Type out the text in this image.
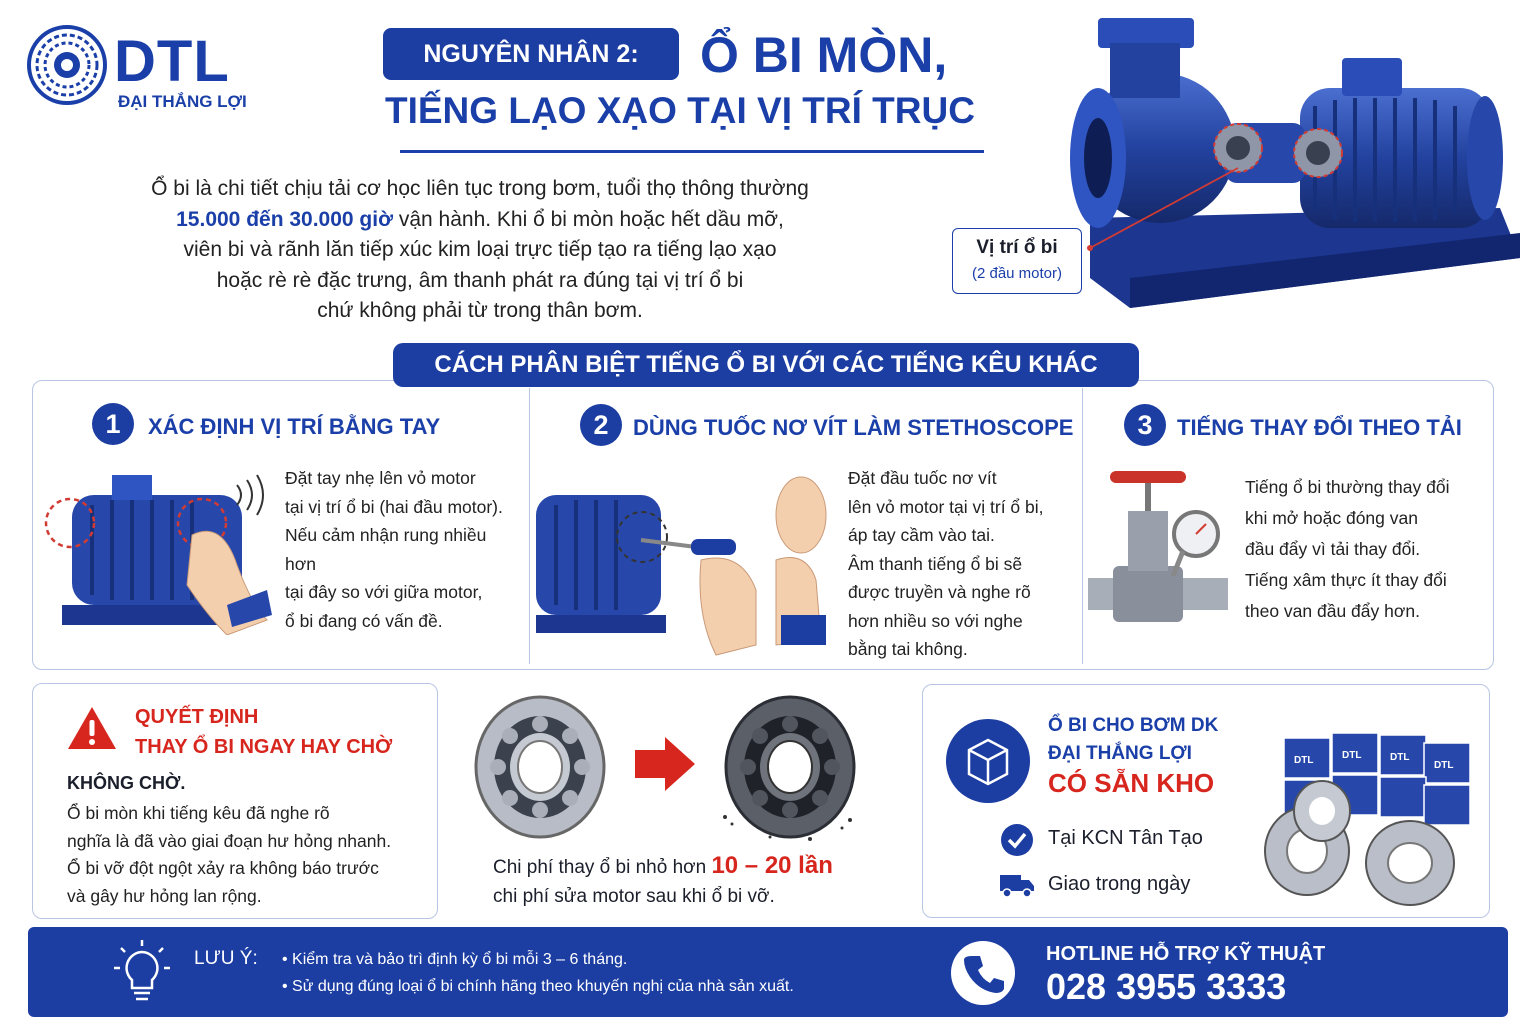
DTL
ĐẠI THẮNG LỢI
NGUYÊN NHÂN 2:	Ổ BI MÒN,
TIẾNG LẠO XẠO TẠI VỊ TRÍ TRỤC
Ổ bi là chi tiết chịu tải cơ học liên tục trong bơm, tuổi thọ thông thường
15.000 đến 30.000 giờ vận hành. Khi ổ bi mòn hoặc hết dầu mỡ,
viên bi và rãnh lăn tiếp xúc kim loại trực tiếp tạo ra tiếng lạo xạo
hoặc rè rè đặc trưng, âm thanh phát ra đúng tại vị trí ổ bi
chứ không phải từ trong thân bơm.
Vị trí ổ bi
(2 đầu motor)
CÁCH PHÂN BIỆT TIẾNG Ổ BI VỚI CÁC TIẾNG KÊU KHÁC
1	XÁC ĐỊNH VỊ TRÍ BẰNG TAY
Đặt tay nhẹ lên vỏ motor
tại vị trí ổ bi (hai đầu motor).
Nếu cảm nhận rung nhiều hơn
tại đây so với giữa motor,
ổ bi đang có vấn đề.
2	DÙNG TUỐC NƠ VÍT LÀM STETHOSCOPE
Đặt đầu tuốc nơ vít
lên vỏ motor tại vị trí ổ bi,
áp tay cầm vào tai.
Âm thanh tiếng ổ bi sẽ
được truyền và nghe rõ
hơn nhiều so với nghe
bằng tai không.
3	TIẾNG THAY ĐỔI THEO TẢI
Tiếng ổ bi thường thay đổi
khi mở hoặc đóng van
đầu đẩy vì tải thay đổi.
Tiếng xâm thực ít thay đổi
theo van đầu đẩy hơn.
QUYẾT ĐỊNH
THAY Ổ BI NGAY HAY CHỜ
KHÔNG CHỜ.
Ổ bi mòn khi tiếng kêu đã nghe rõ
nghĩa là đã vào giai đoạn hư hỏng nhanh.
Ổ bi vỡ đột ngột xảy ra không báo trước
và gây hư hỏng lan rộng.
Chi phí thay ổ bi nhỏ hơn 10 – 20 lần
chi phí sửa motor sau khi ổ bi vỡ.
Ổ BI CHO BƠM DK
ĐẠI THẮNG LỢI
CÓ SẴN KHO
Tại KCN Tân Tạo
Giao trong ngày
DTL	DTL	DTL
DTL
LƯU Ý: • Kiểm tra và bảo trì định kỳ ổ bi mỗi 3 – 6 tháng.
• Sử dụng đúng loại ổ bi chính hãng theo khuyến nghị của nhà sản xuất.
HOTLINE HỖ TRỢ KỸ THUẬT
028 3955 3333
